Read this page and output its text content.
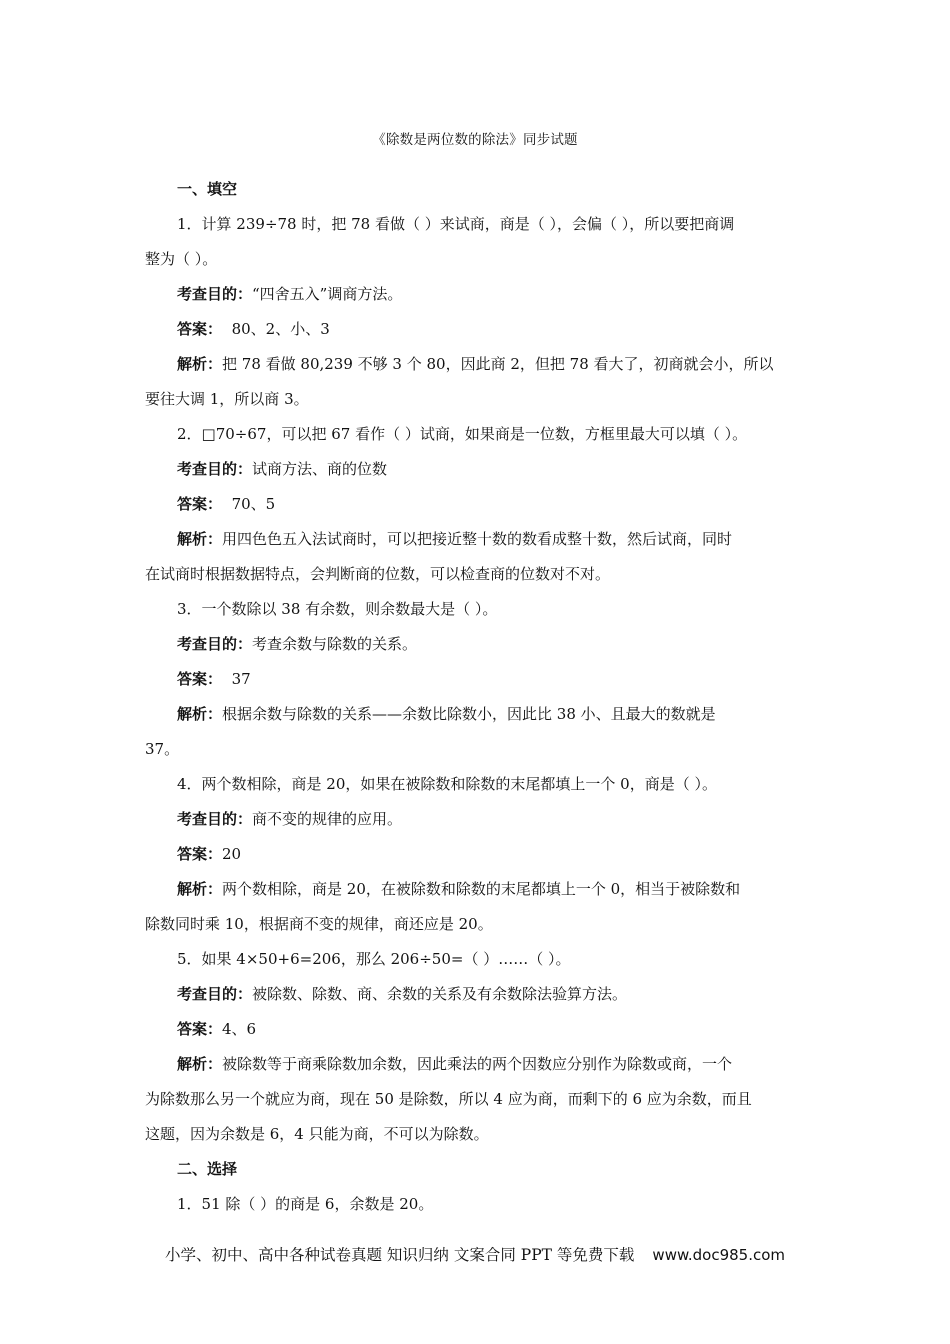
《除数是两位数的除法》同步试题

一、填空

1．计算 239÷78 时，把 78 看做（ ）来试商，商是（ ），会偏（ ），所以要把商调

整为（ ）。

考查目的：“四舍五入”调商方法。

答案： 80、2、小、3

解析：把 78 看做 80,239 不够 3 个 80，因此商 2，但把 78 看大了，初商就会小，所以

要往大调 1，所以商 3。

2．□70÷67，可以把 67 看作（ ）试商，如果商是一位数，方框里最大可以填（ ）。

考查目的：试商方法、商的位数

答案： 70、5

解析：用四色色五入法试商时，可以把接近整十数的数看成整十数，然后试商，同时

在试商时根据数据特点，会判断商的位数，可以检查商的位数对不对。

3．一个数除以 38 有余数，则余数最大是（ ）。

考查目的：考查余数与除数的关系。

答案： 37

解析：根据余数与除数的关系——余数比除数小，因此比 38 小、且最大的数就是

37。

4．两个数相除，商是 20，如果在被除数和除数的末尾都填上一个 0，商是（ ）。

考查目的：商不变的规律的应用。

答案：20

解析：两个数相除，商是 20，在被除数和除数的末尾都填上一个 0，相当于被除数和

除数同时乘 10，根据商不变的规律，商还应是 20。

5．如果 4×50+6=206，那么 206÷50=（ ）……（ ）。

考查目的：被除数、除数、商、余数的关系及有余数除法验算方法。

答案：4、6

解析：被除数等于商乘除数加余数，因此乘法的两个因数应分别作为除数或商，一个

为除数那么另一个就应为商，现在 50 是除数，所以 4 应为商，而剩下的 6 应为余数，而且

这题，因为余数是 6，4 只能为商，不可以为除数。

二、选择

1．51 除（ ）的商是 6，余数是 20。

小学、初中、高中各种试卷真题 知识归纳 文案合同 PPT 等免费下载 www.doc985.com
